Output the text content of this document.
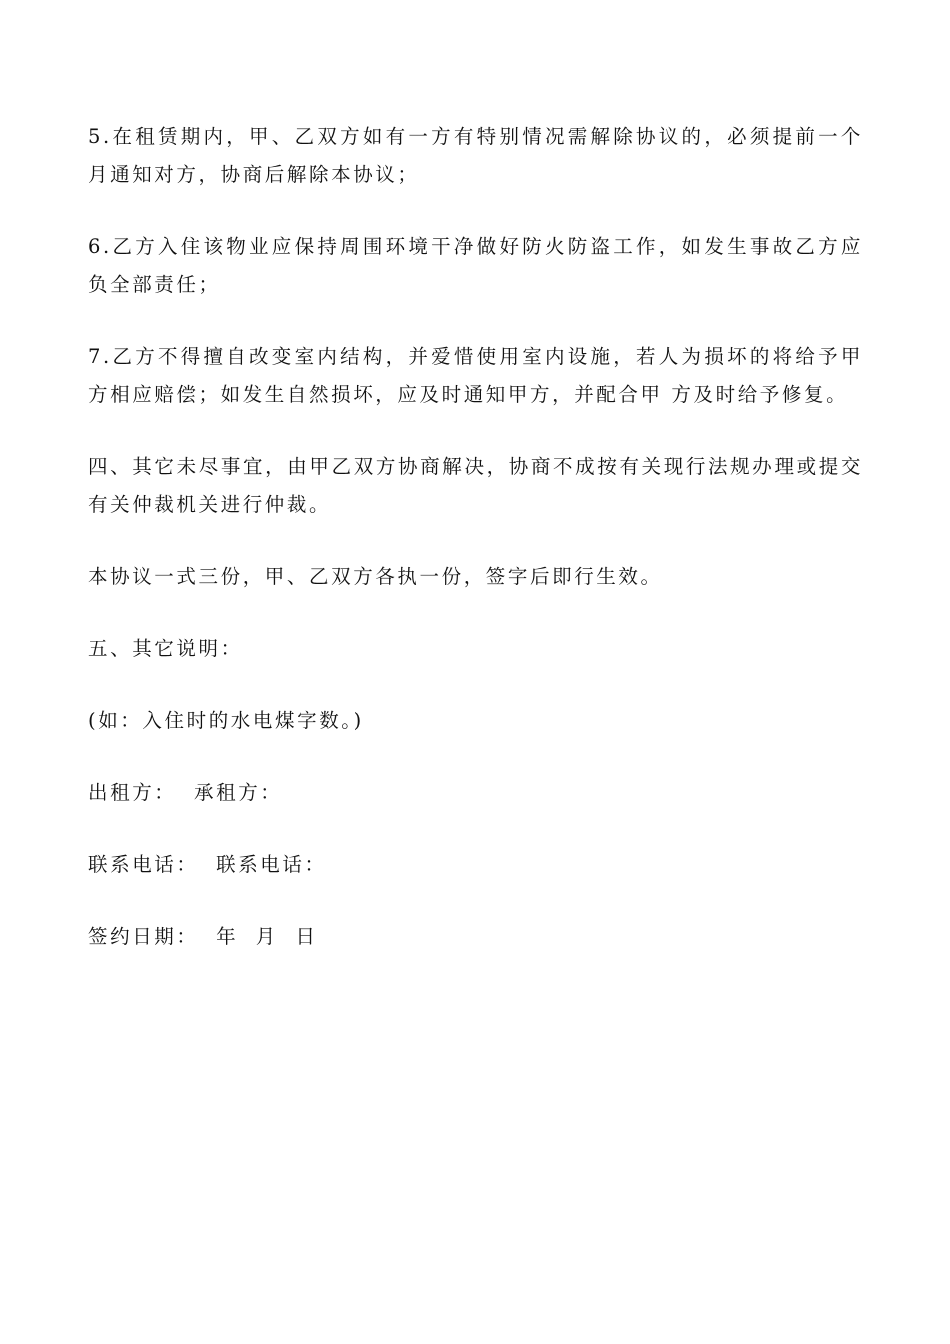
5.在租赁期内，甲、乙双方如有一方有特别情况需解除协议的，必须提前一个月通知对方，协商后解除本协议；

6.乙方入住该物业应保持周围环境干净做好防火防盗工作，如发生事故乙方应负全部责任；

7.乙方不得擅自改变室内结构，并爱惜使用室内设施，若人为损坏的将给予甲方相应赔偿；如发生自然损坏，应及时通知甲方，并配合甲 方及时给予修复。

四、其它未尽事宜，由甲乙双方协商解决，协商不成按有关现行法规办理或提交有关仲裁机关进行仲裁。

本协议一式三份，甲、乙双方各执一份，签字后即行生效。

五、其它说明：

(如：入住时的水电煤字数。)

出租方：  承租方：

联系电话：  联系电话：

签约日期：  年  月  日
